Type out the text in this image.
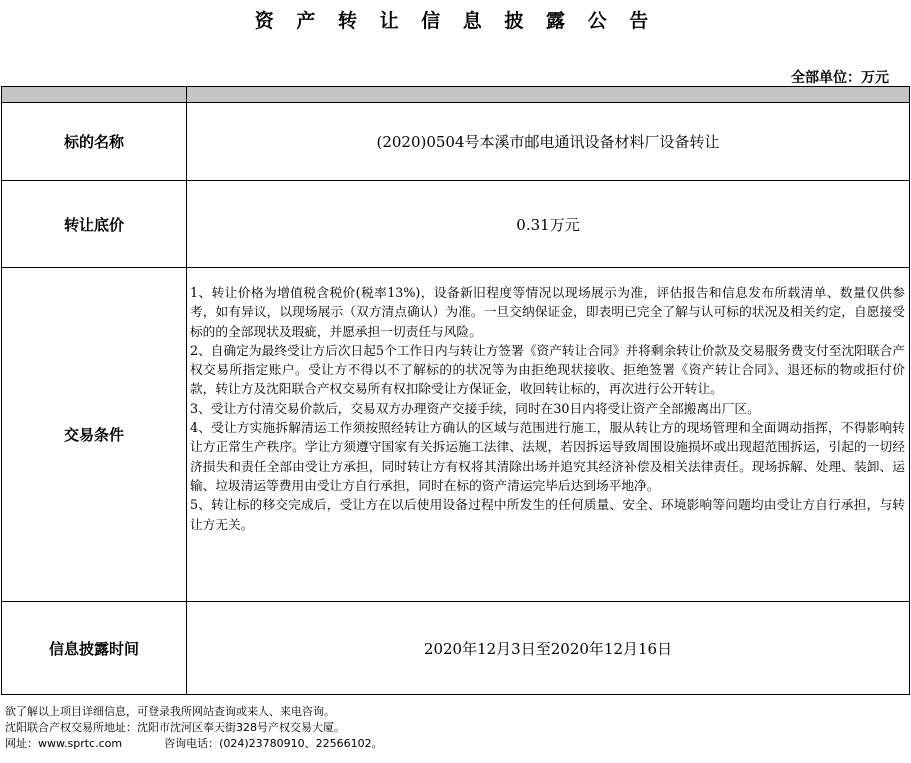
资 产 转 让 信 息 披 露 公 告
全部单位：万元

标的名称	(2020)0504号本溪市邮电通讯设备材料厂设备转让
转让底价	0.31万元
交易条件	1、转让价格为增值税含税价(税率13%)，设备新旧程度等情况以现场展示为准，评估报告和信息发布所载清单、数量仅供参考，如有异议，以现场展示（双方清点确认）为准。一旦交纳保证金，即表明已完全了解与认可标的状况及相关约定，自愿接受标的的全部现状及瑕疵，并愿承担一切责任与风险。

2、自确定为最终受让方后次日起5个工作日内与转让方签署《资产转让合同》并将剩余转让价款及交易服务费支付至沈阳联合产权交易所指定账户。受让方不得以不了解标的的状况等为由拒绝现状接收、拒绝签署《资产转让合同》、退还标的物或拒付价款，转让方及沈阳联合产权交易所有权扣除受让方保证金，收回转让标的，再次进行公开转让。

3、受让方付清交易价款后，交易双方办理资产交接手续，同时在30日内将受让资产全部搬离出厂区。

4、受让方实施拆解清运工作须按照经转让方确认的区域与范围进行施工，服从转让方的现场管理和全面调动指挥，不得影响转让方正常生产秩序。学让方须遵守国家有关拆运施工法律、法规，若因拆运导致周围设施损坏或出现超范围拆运，引起的一切经济损失和责任全部由受让方承担，同时转让方有权将其清除出场并追究其经济补偿及相关法律责任。现场拆解、处理、装卸、运输、垃圾清运等费用由受让方自行承担，同时在标的资产清运完毕后达到场平地净。

5、转让标的移交完成后，受让方在以后使用设备过程中所发生的任何质量、安全、环境影响等问题均由受让方自行承担，与转让方无关。

信息披露时间	2020年12月3日至2020年12月16日
欲了解以上项目详细信息，可登录我所网站查询或来人、来电咨询。
沈阳联合产权交易所地址：沈阳市沈河区奉天街328号产权交易大厦。
网址：www.sprtc.com	咨询电话：(024)23780910、22566102。
